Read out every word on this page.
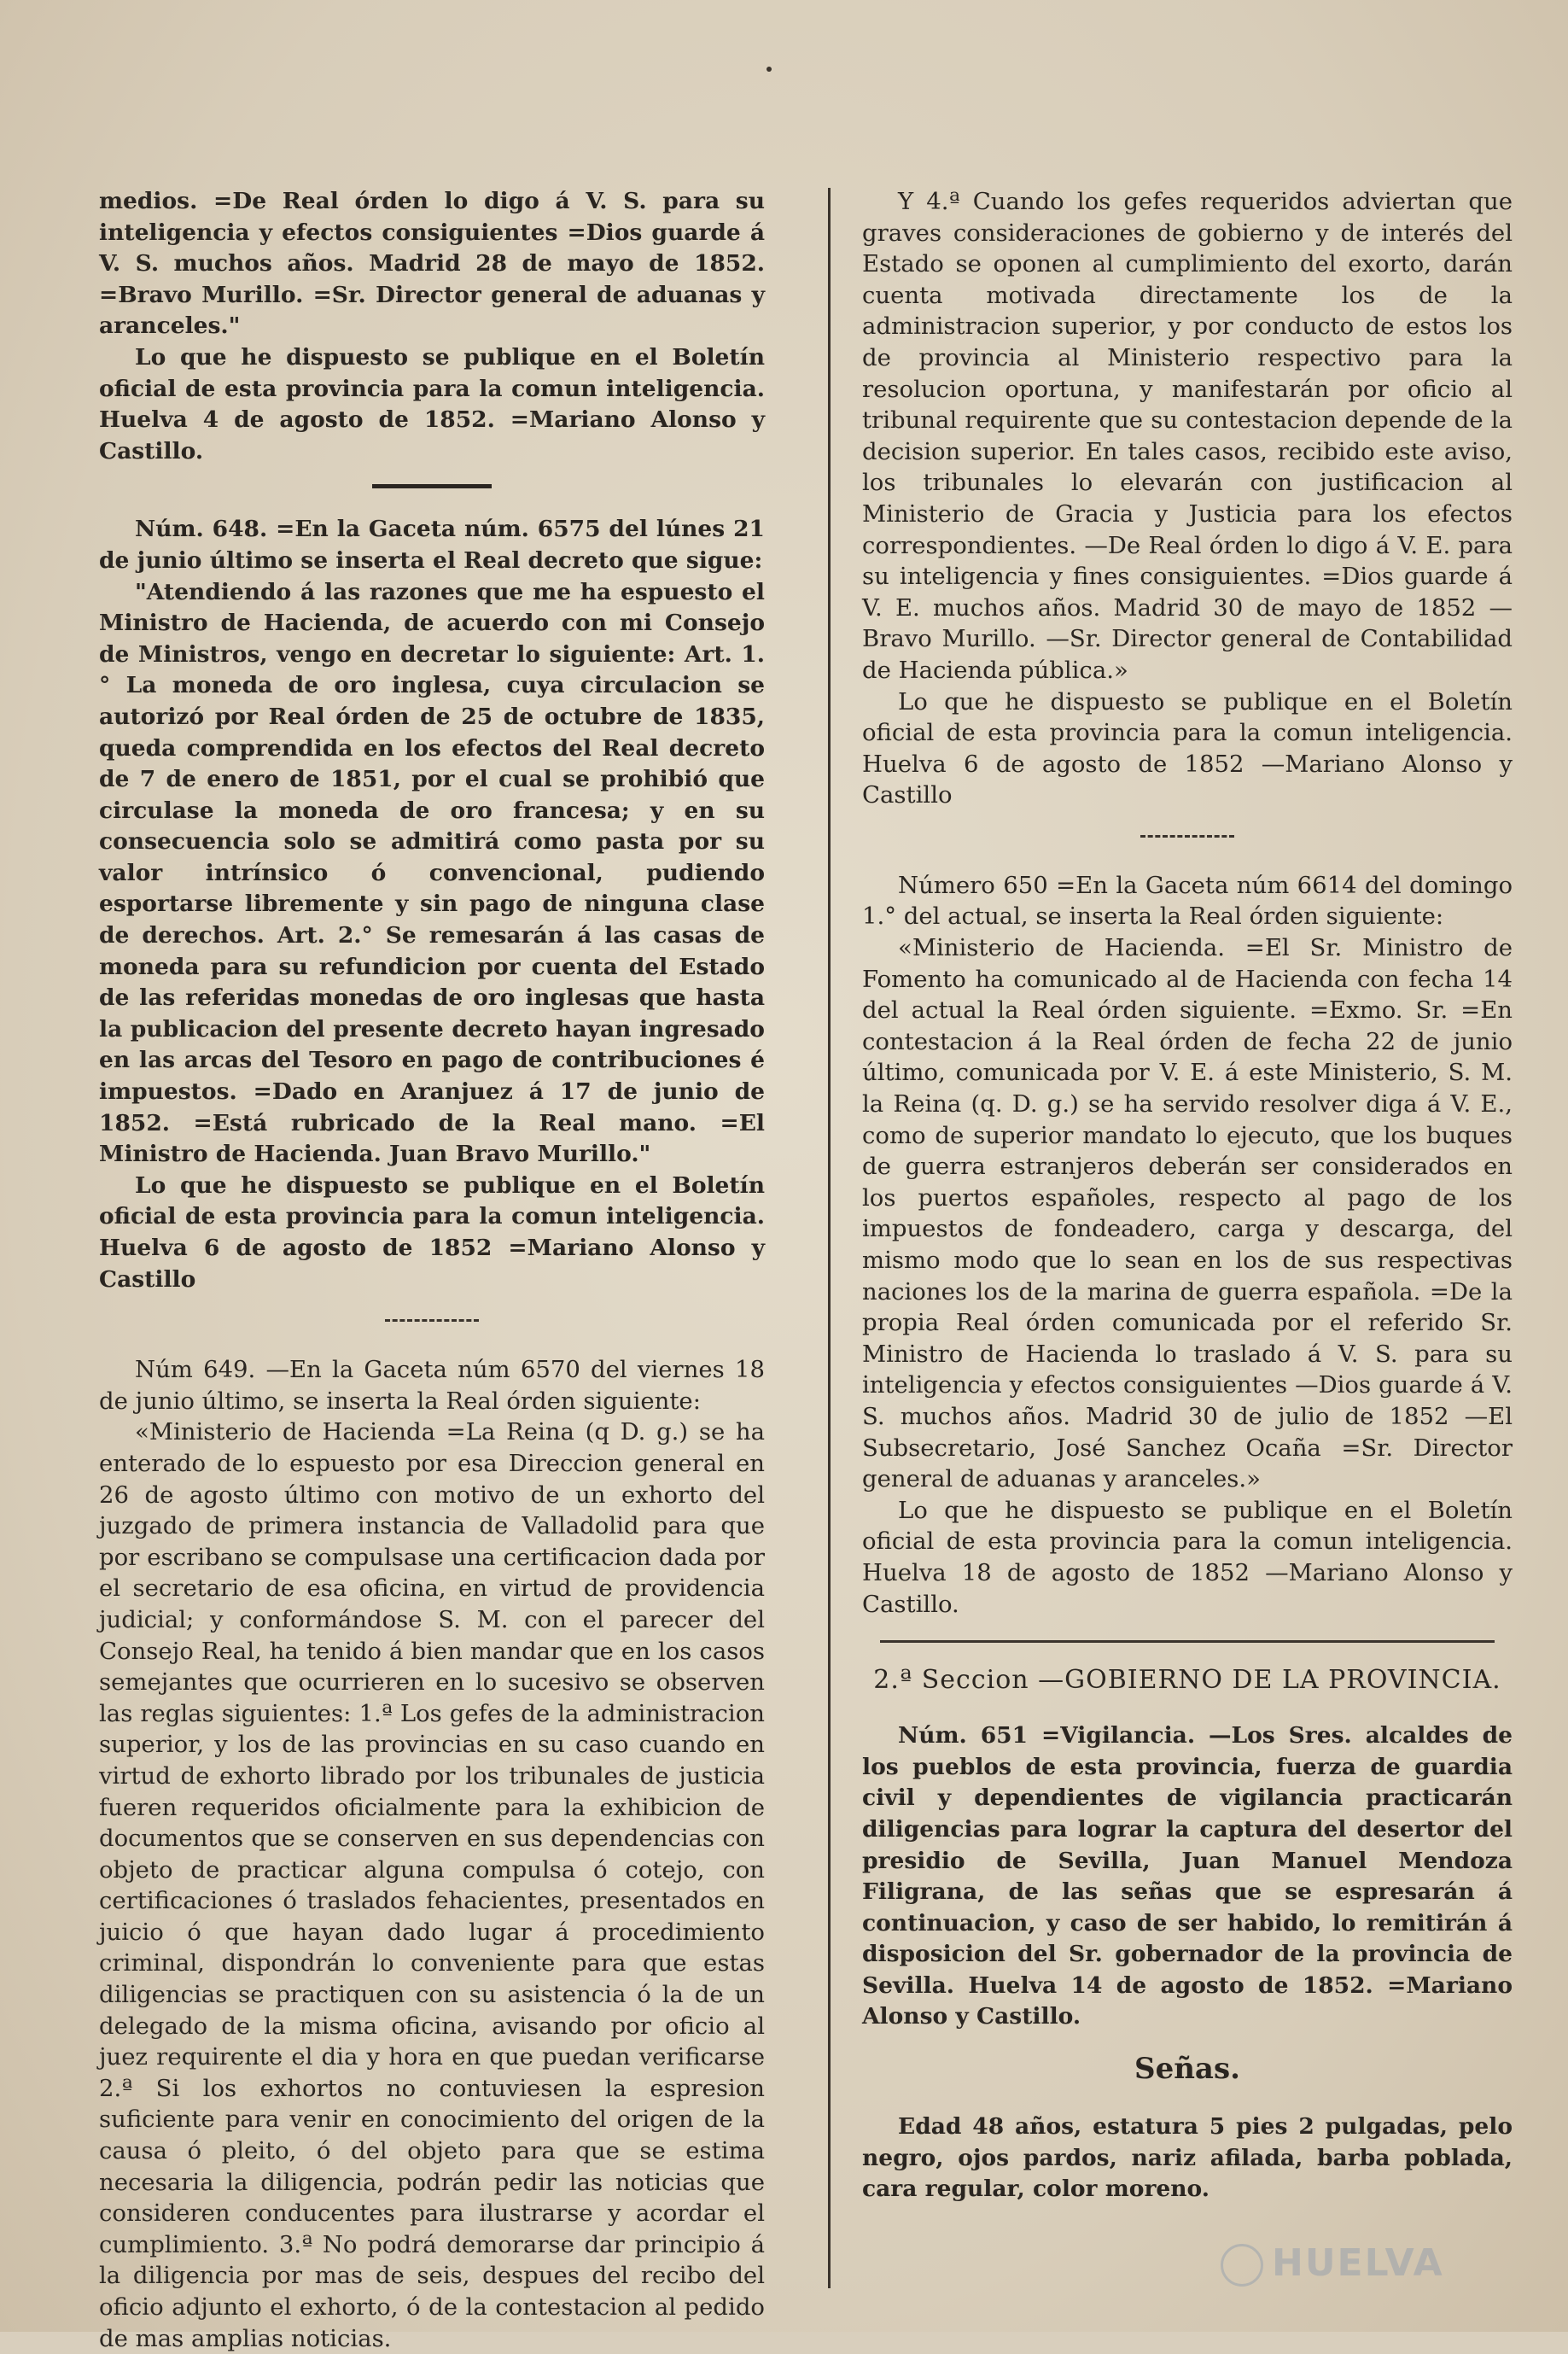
medios. =De Real órden lo digo á V. S. para su inteligencia y efectos consiguientes =Dios guarde á V. S. muchos años. Madrid 28 de mayo de 1852. =Bravo Murillo. =Sr. Director general de aduanas y aranceles."

Lo que he dispuesto se publique en el Boletín oficial de esta provincia para la comun inteligencia. Huelva 4 de agosto de 1852. =Mariano Alonso y Castillo.

Núm. 648. =En la Gaceta núm. 6575 del lúnes 21 de junio último se inserta el Real decreto que sigue:

"Atendiendo á las razones que me ha espuesto el Ministro de Hacienda, de acuerdo con mi Consejo de Ministros, vengo en decretar lo siguiente: Art. 1.° La moneda de oro inglesa, cuya circulacion se autorizó por Real órden de 25 de octubre de 1835, queda comprendida en los efectos del Real decreto de 7 de enero de 1851, por el cual se prohibió que circulase la moneda de oro francesa; y en su consecuencia solo se admitirá como pasta por su valor intrínsico ó convencional, pudiendo esportarse libremente y sin pago de ninguna clase de derechos. Art. 2.° Se remesarán á las casas de moneda para su refundicion por cuenta del Estado de las referidas monedas de oro inglesas que hasta la publicacion del presente decreto hayan ingresado en las arcas del Tesoro en pago de contribuciones é impuestos. =Dado en Aranjuez á 17 de junio de 1852. =Está rubricado de la Real mano. =El Ministro de Hacienda. Juan Bravo Murillo."

Lo que he dispuesto se publique en el Boletín oficial de esta provincia para la comun inteligencia. Huelva 6 de agosto de 1852 =Mariano Alonso y Castillo

Núm 649. —En la Gaceta núm 6570 del viernes 18 de junio último, se inserta la Real órden siguiente:

«Ministerio de Hacienda =La Reina (q D. g.) se ha enterado de lo espuesto por esa Direccion general en 26 de agosto último con motivo de un exhorto del juzgado de primera instancia de Valladolid para que por escribano se compulsase una certificacion dada por el secretario de esa oficina, en virtud de providencia judicial; y conformándose S. M. con el parecer del Consejo Real, ha tenido á bien mandar que en los casos semejantes que ocurrieren en lo sucesivo se observen las reglas siguientes: 1.ª Los gefes de la administracion superior, y los de las provincias en su caso cuando en virtud de exhorto librado por los tribunales de justicia fueren requeridos oficialmente para la exhibicion de documentos que se conserven en sus dependencias con objeto de practicar alguna compulsa ó cotejo, con certificaciones ó traslados fehacientes, presentados en juicio ó que hayan dado lugar á procedimiento criminal, dispondrán lo conveniente para que estas diligencias se practiquen con su asistencia ó la de un delegado de la misma oficina, avisando por oficio al juez requirente el dia y hora en que puedan verificarse 2.ª Si los exhortos no contuviesen la espresion suficiente para venir en conocimiento del origen de la causa ó pleito, ó del objeto para que se estima necesaria la diligencia, podrán pedir las noticias que consideren conducentes para ilustrarse y acordar el cumplimiento. 3.ª No podrá demorarse dar principio á la diligencia por mas de seis, despues del recibo del oficio adjunto el exhorto, ó de la contestacion al pedido de mas amplias noticias.

Y 4.ª Cuando los gefes requeridos adviertan que graves consideraciones de gobierno y de interés del Estado se oponen al cumplimiento del exorto, darán cuenta motivada directamente los de la administracion superior, y por conducto de estos los de provincia al Ministerio respectivo para la resolucion oportuna, y manifestarán por oficio al tribunal requirente que su contestacion depende de la decision superior. En tales casos, recibido este aviso, los tribunales lo elevarán con justificacion al Ministerio de Gracia y Justicia para los efectos correspondientes. —De Real órden lo digo á V. E. para su inteligencia y fines consiguientes. =Dios guarde á V. E. muchos años. Madrid 30 de mayo de 1852 —Bravo Murillo. —Sr. Director general de Contabilidad de Hacienda pública.»

Lo que he dispuesto se publique en el Boletín oficial de esta provincia para la comun inteligencia. Huelva 6 de agosto de 1852 —Mariano Alonso y Castillo

Número 650 =En la Gaceta núm 6614 del domingo 1.° del actual, se inserta la Real órden siguiente:

«Ministerio de Hacienda. =El Sr. Ministro de Fomento ha comunicado al de Hacienda con fecha 14 del actual la Real órden siguiente. =Exmo. Sr. =En contestacion á la Real órden de fecha 22 de junio último, comunicada por V. E. á este Ministerio, S. M. la Reina (q. D. g.) se ha servido resolver diga á V. E., como de superior mandato lo ejecuto, que los buques de guerra estranjeros deberán ser considerados en los puertos españoles, respecto al pago de los impuestos de fondeadero, carga y descarga, del mismo modo que lo sean en los de sus respectivas naciones los de la marina de guerra española. =De la propia Real órden comunicada por el referido Sr. Ministro de Hacienda lo traslado á V. S. para su inteligencia y efectos consiguientes —Dios guarde á V. S. muchos años. Madrid 30 de julio de 1852 —El Subsecretario, José Sanchez Ocaña =Sr. Director general de aduanas y aranceles.»

Lo que he dispuesto se publique en el Boletín oficial de esta provincia para la comun inteligencia. Huelva 18 de agosto de 1852 —Mariano Alonso y Castillo.

2.ª Seccion —GOBIERNO DE LA PROVINCIA.

Núm. 651 =Vigilancia. —Los Sres. alcaldes de los pueblos de esta provincia, fuerza de guardia civil y dependientes de vigilancia practicarán diligencias para lograr la captura del desertor del presidio de Sevilla, Juan Manuel Mendoza Filigrana, de las señas que se espresarán á continuacion, y caso de ser habido, lo remitirán á disposicion del Sr. gobernador de la provincia de Sevilla. Huelva 14 de agosto de 1852. =Mariano Alonso y Castillo.

Señas.

Edad 48 años, estatura 5 pies 2 pulgadas, pelo negro, ojos pardos, nariz afilada, barba poblada, cara regular, color moreno.

HUELVA
